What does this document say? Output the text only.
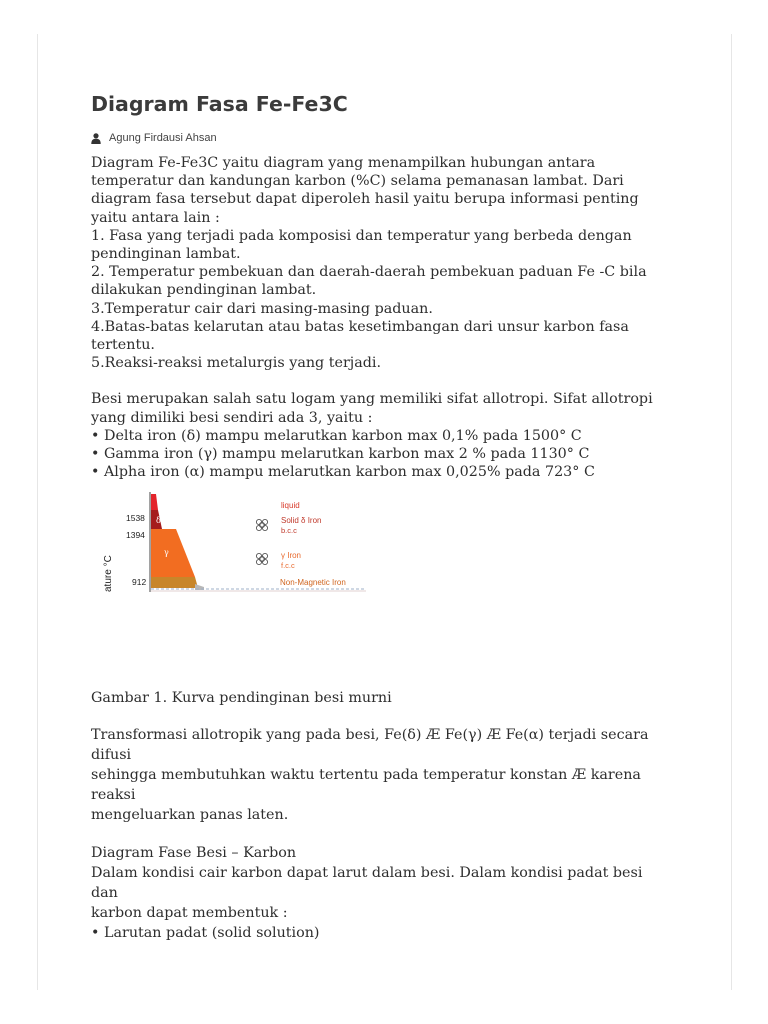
Diagram Fasa Fe-Fe3C
Agung Firdausi Ahsan

Diagram Fe-Fe3C yaitu diagram yang menampilkan hubungan antara

temperatur dan kandungan karbon (%C) selama pemanasan lambat. Dari

diagram fasa tersebut dapat diperoleh hasil yaitu berupa informasi penting

yaitu antara lain :

1. Fasa yang terjadi pada komposisi dan temperatur yang berbeda dengan

pendinginan lambat.

2. Temperatur pembekuan dan daerah-daerah pembekuan paduan Fe -C bila

dilakukan pendinginan lambat.

3.Temperatur cair dari masing-masing paduan.

4.Batas-batas kelarutan atau batas kesetimbangan dari unsur karbon fasa

tertentu.

5.Reaksi-reaksi metalurgis yang terjadi.

Besi merupakan salah satu logam yang memiliki sifat allotropi. Sifat allotropi

yang dimiliki besi sendiri ada 3, yaitu :

• Delta iron (δ) mampu melarutkan karbon max 0,1% pada 1500° C

• Gamma iron (γ) mampu melarutkan karbon max 2 % pada 1130° C

• Alpha iron (α) mampu melarutkan karbon max 0,025% pada 723° C

ature °C
1538
1394
912
δ
γ
liquid
Solid δ Iron
b.c.c
γ Iron
f.c.c
Non-Magnetic Iron
Gambar 1. Kurva pendinginan besi murni

Transformasi allotropik yang pada besi, Fe(δ) Æ Fe(γ) Æ Fe(α) terjadi secara

difusi

sehingga membutuhkan waktu tertentu pada temperatur konstan Æ karena

reaksi

mengeluarkan panas laten.

Diagram Fase Besi – Karbon

Dalam kondisi cair karbon dapat larut dalam besi. Dalam kondisi padat besi

dan

karbon dapat membentuk :

• Larutan padat (solid solution)
